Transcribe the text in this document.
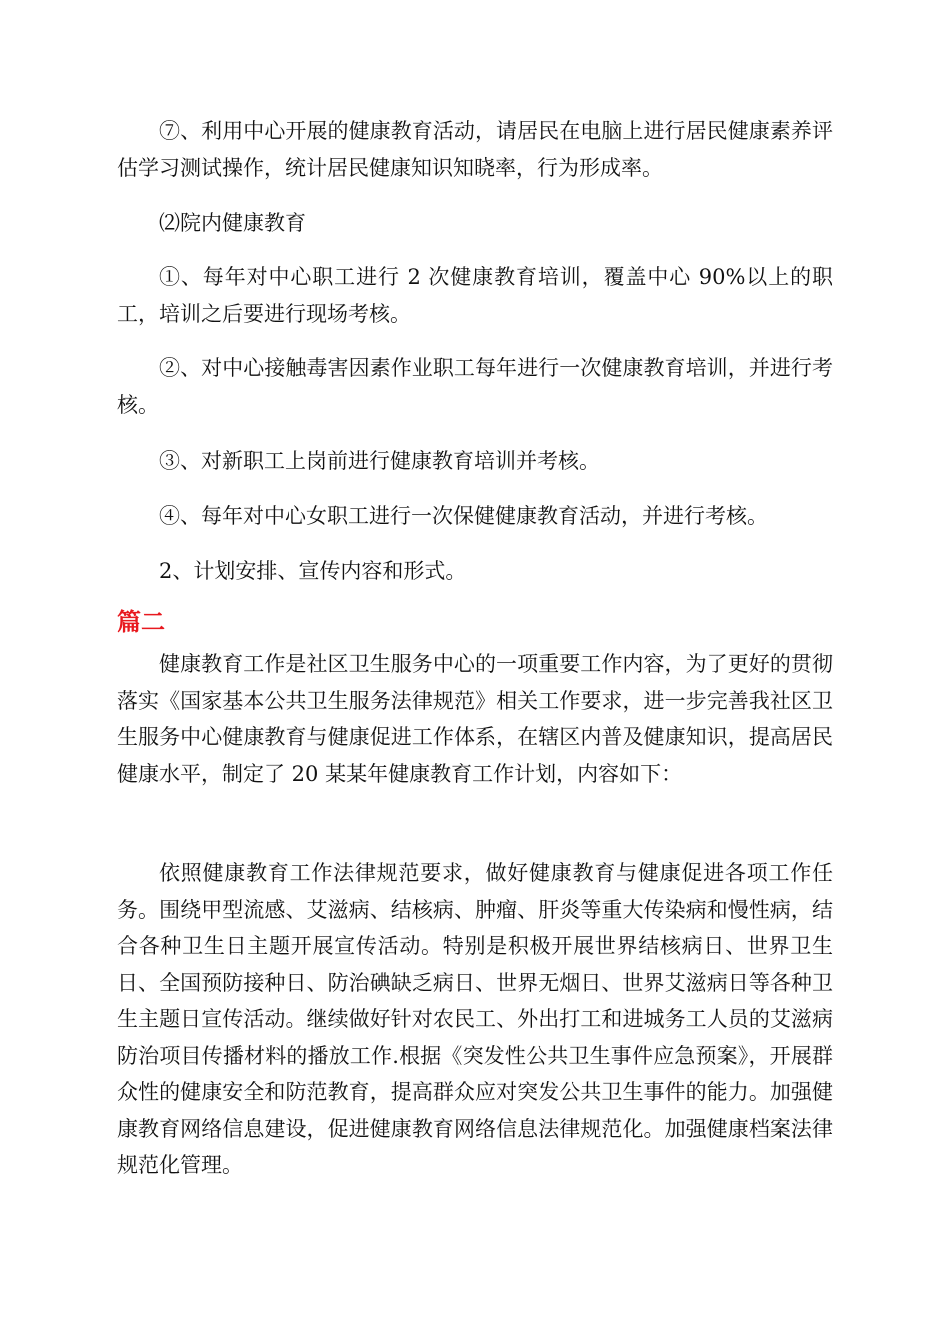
⑦、利用中心开展的健康教育活动，请居民在电脑上进行居民健康素养评估学习测试操作，统计居民健康知识知晓率，行为形成率。

⑵院内健康教育

①、每年对中心职工进行 2 次健康教育培训，覆盖中心 90%以上的职工，培训之后要进行现场考核。

②、对中心接触毒害因素作业职工每年进行一次健康教育培训，并进行考核。

③、对新职工上岗前进行健康教育培训并考核。

④、每年对中心女职工进行一次保健健康教育活动，并进行考核。

2、计划安排、宣传内容和形式。

篇二

健康教育工作是社区卫生服务中心的一项重要工作内容，为了更好的贯彻落实《国家基本公共卫生服务法律规范》相关工作要求，进一步完善我社区卫生服务中心健康教育与健康促进工作体系，在辖区内普及健康知识，提高居民健康水平，制定了 20 某某年健康教育工作计划，内容如下：

依照健康教育工作法律规范要求，做好健康教育与健康促进各项工作任务。围绕甲型流感、艾滋病、结核病、肿瘤、肝炎等重大传染病和慢性病，结合各种卫生日主题开展宣传活动。特别是积极开展世界结核病日、世界卫生日、全国预防接种日、防治碘缺乏病日、世界无烟日、世界艾滋病日等各种卫生主题日宣传活动。继续做好针对农民工、外出打工和进城务工人员的艾滋病防治项目传播材料的播放工作.根据《突发性公共卫生事件应急预案》，开展群众性的健康安全和防范教育，提高群众应对突发公共卫生事件的能力。加强健康教育网络信息建设，促进健康教育网络信息法律规范化。加强健康档案法律规范化管理。
